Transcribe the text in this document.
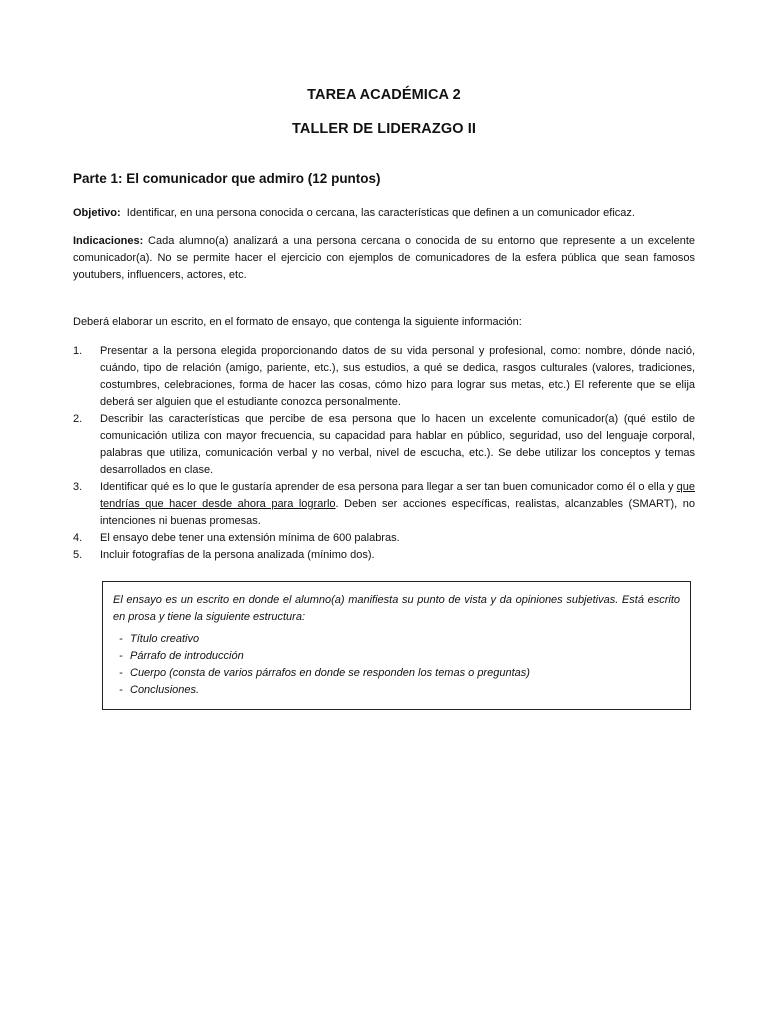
TAREA ACADÉMICA 2
TALLER DE LIDERAZGO II
Parte 1: El comunicador que admiro (12 puntos)
Objetivo: Identificar, en una persona conocida o cercana, las características que definen a un comunicador eficaz.
Indicaciones: Cada alumno(a) analizará a una persona cercana o conocida de su entorno que represente a un excelente comunicador(a). No se permite hacer el ejercicio con ejemplos de comunicadores de la esfera pública que sean famosos youtubers, influencers, actores, etc.
Deberá elaborar un escrito, en el formato de ensayo, que contenga la siguiente información:
1. Presentar a la persona elegida proporcionando datos de su vida personal y profesional, como: nombre, dónde nació, cuándo, tipo de relación (amigo, pariente, etc.), sus estudios, a qué se dedica, rasgos culturales (valores, tradiciones, costumbres, celebraciones, forma de hacer las cosas, cómo hizo para lograr sus metas, etc.) El referente que se elija deberá ser alguien que el estudiante conozca personalmente.
2. Describir las características que percibe de esa persona que lo hacen un excelente comunicador(a) (qué estilo de comunicación utiliza con mayor frecuencia, su capacidad para hablar en público, seguridad, uso del lenguaje corporal, palabras que utiliza, comunicación verbal y no verbal, nivel de escucha, etc.). Se debe utilizar los conceptos y temas desarrollados en clase.
3. Identificar qué es lo que le gustaría aprender de esa persona para llegar a ser tan buen comunicador como él o ella y que tendrías que hacer desde ahora para lograrlo. Deben ser acciones específicas, realistas, alcanzables (SMART), no intenciones ni buenas promesas.
4. El ensayo debe tener una extensión mínima de 600 palabras.
5. Incluir fotografías de la persona analizada (mínimo dos).
El ensayo es un escrito en donde el alumno(a) manifiesta su punto de vista y da opiniones subjetivas. Está escrito en prosa y tiene la siguiente estructura:
- Título creativo
- Párrafo de introducción
- Cuerpo (consta de varios párrafos en donde se responden los temas o preguntas)
- Conclusiones.
